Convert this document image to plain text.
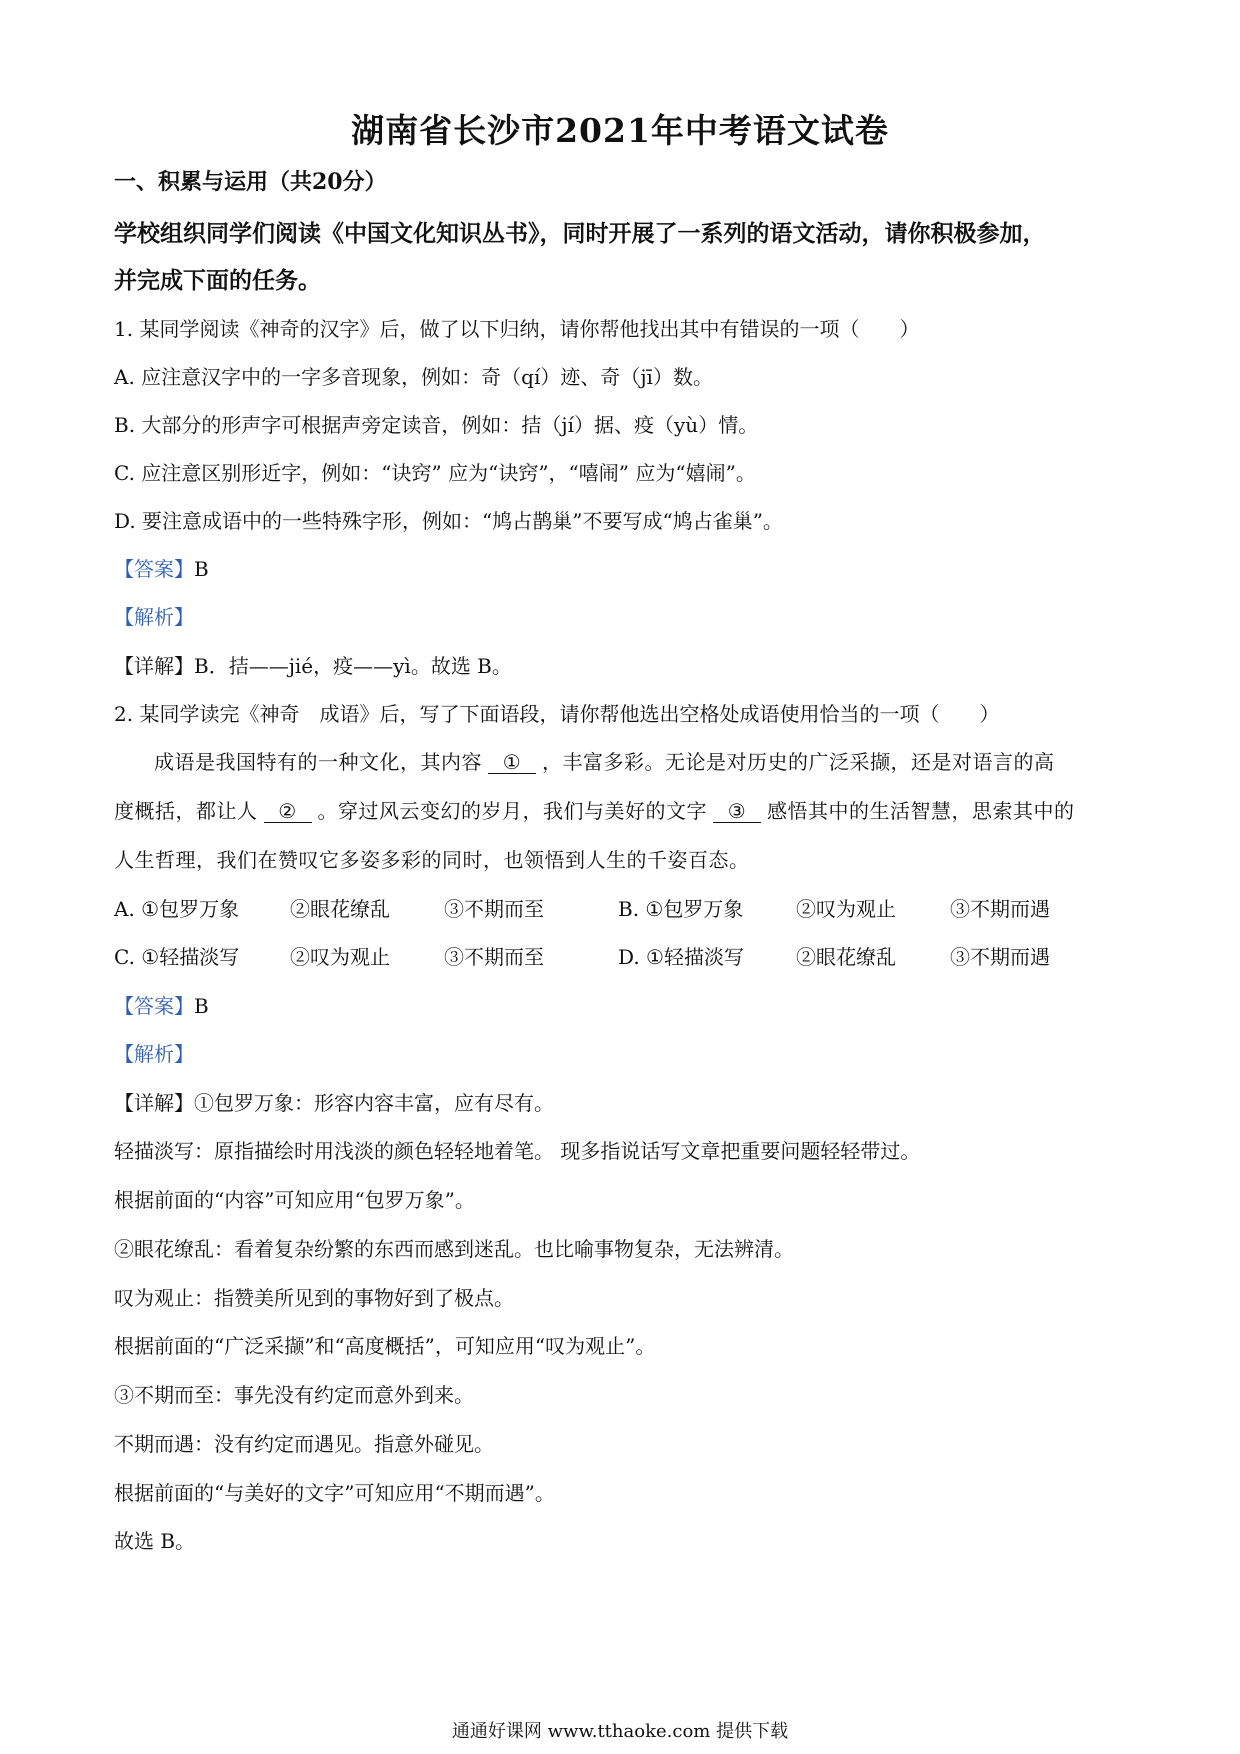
湖南省长沙市2021年中考语文试卷
一、积累与运用（共20分）
学校组织同学们阅读《中国文化知识丛书》，同时开展了一系列的语文活动，请你积极参加，
并完成下面的任务。
1. 某同学阅读《神奇的汉字》后，做了以下归纳，请你帮他找出其中有错误的一项（　　）
A. 应注意汉字中的一字多音现象，例如：奇（qí）迹、奇（jī）数。
B. 大部分的形声字可根据声旁定读音，例如：拮（jí）据、疫（yù）情。
C. 应注意区别形近字，例如：“诀窍” 应为“诀窍”，“嘻闹” 应为“嬉闹”。
D. 要注意成语中的一些特殊字形，例如：“鸠占鹊巢”不要写成“鸠占雀巢”。
【答案】B
【解析】
【详解】B．拮——jié，疫——yì。故选 B。
2. 某同学读完《神奇　成语》后，写了下面语段，请你帮他选出空格处成语使用恰当的一项（　　）
成语是我国特有的一种文化，其内容 ① ，丰富多彩。无论是对历史的广泛采撷，还是对语言的高
度概括，都让人 ② 。穿过风云变幻的岁月，我们与美好的文字 ③ 感悟其中的生活智慧，思索其中的
人生哲理，我们在赞叹它多姿多彩的同时，也领悟到人生的千姿百态。
A. ①包罗万象	②眼花缭乱	③不期而至	B. ①包罗万象	②叹为观止	③不期而遇
C. ①轻描淡写	②叹为观止	③不期而至	D. ①轻描淡写	②眼花缭乱	③不期而遇
【答案】B
【解析】
【详解】①包罗万象：形容内容丰富，应有尽有。
轻描淡写：原指描绘时用浅淡的颜色轻轻地着笔。 现多指说话写文章把重要问题轻轻带过。
根据前面的“内容”可知应用“包罗万象”。
②眼花缭乱：看着复杂纷繁的东西而感到迷乱。也比喻事物复杂，无法辨清。
叹为观止：指赞美所见到的事物好到了极点。
根据前面的“广泛采撷”和“高度概括”，可知应用“叹为观止”。
③不期而至：事先没有约定而意外到来。
不期而遇：没有约定而遇见。指意外碰见。
根据前面的“与美好的文字”可知应用“不期而遇”。
故选 B。
通通好课网 www.tthaoke.com 提供下载
